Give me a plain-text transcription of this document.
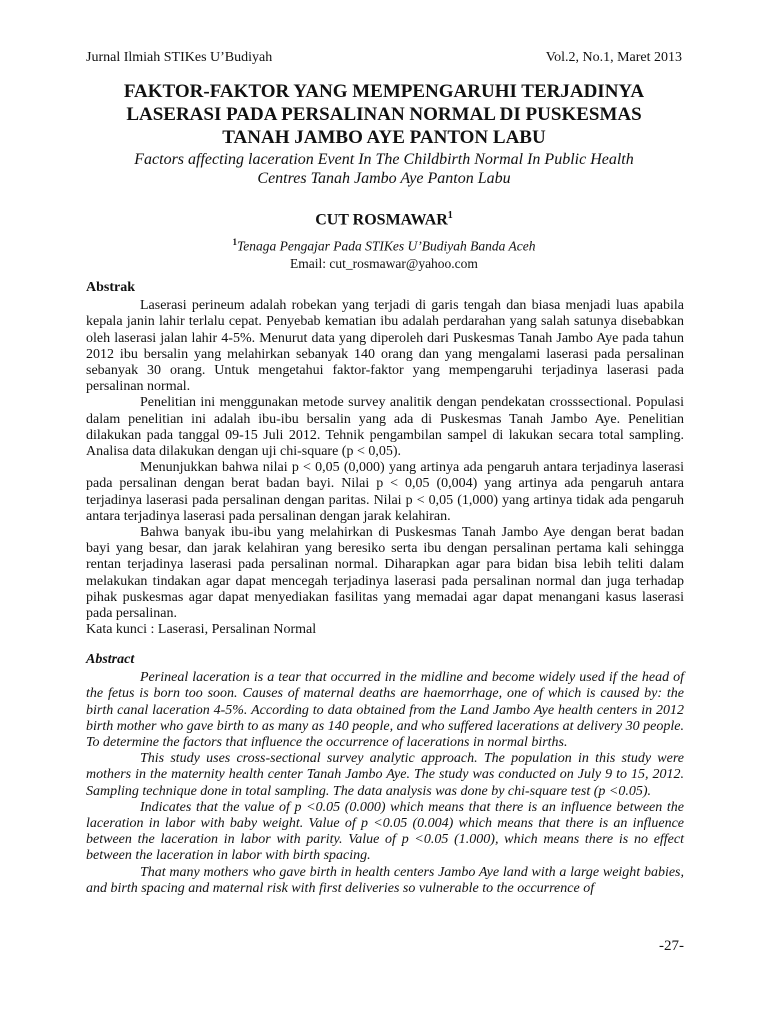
Jurnal Ilmiah STIKes U’Budiyah	Vol.2, No.1, Maret 2013
FAKTOR-FAKTOR YANG MEMPENGARUHI TERJADINYA
LASERASI PADA PERSALINAN NORMAL DI PUSKESMAS
TANAH JAMBO AYE PANTON LABU

Factors affecting laceration Event In The Childbirth Normal In Public Health
Centres Tanah Jambo Aye Panton Labu

CUT ROSMAWAR$^1$
$^1$Tenaga Pengajar Pada STIKes U’Budiyah Banda Aceh
Email: cut_rosmawar@yahoo.com

Abstrak

Laserasi perineum adalah robekan yang terjadi di garis tengah dan biasa menjadi luas apabila kepala janin lahir terlalu cepat. Penyebab kematian ibu adalah perdarahan yang salah satunya disebabkan oleh laserasi jalan lahir 4-5%. Menurut data yang diperoleh dari Puskesmas Tanah Jambo Aye pada tahun 2012 ibu bersalin yang melahirkan sebanyak 140 orang dan yang mengalami laserasi pada persalinan sebanyak 30 orang. Untuk mengetahui faktor-faktor yang mempengaruhi terjadinya laserasi pada persalinan normal.

Penelitian ini menggunakan metode survey analitik dengan pendekatan crosssectional. Populasi dalam penelitian ini adalah ibu-ibu bersalin yang ada di Puskesmas Tanah Jambo Aye. Penelitian dilakukan pada tanggal 09-15 Juli 2012. Tehnik pengambilan sampel di lakukan secara total sampling. Analisa data dilakukan dengan uji chi-square (p < 0,05).

Menunjukkan bahwa nilai p < 0,05 (0,000) yang artinya ada pengaruh antara terjadinya laserasi pada persalinan dengan berat badan bayi. Nilai p < 0,05 (0,004) yang artinya ada pengaruh antara terjadinya laserasi pada persalinan dengan paritas. Nilai p < 0,05 (1,000) yang artinya tidak ada pengaruh antara terjadinya laserasi pada persalinan dengan jarak kelahiran.

Bahwa banyak ibu-ibu yang melahirkan di Puskesmas Tanah Jambo Aye dengan berat badan bayi yang besar, dan jarak kelahiran yang beresiko serta ibu dengan persalinan pertama kali sehingga rentan terjadinya laserasi pada persalinan normal. Diharapkan agar para bidan bisa lebih teliti dalam melakukan tindakan agar dapat mencegah terjadinya laserasi pada persalinan normal dan juga terhadap pihak puskesmas agar dapat menyediakan fasilitas yang memadai agar dapat menangani kasus laserasi pada persalinan.

Kata kunci : Laserasi, Persalinan Normal

Abstract

Perineal laceration is a tear that occurred in the midline and become widely used if the head of the fetus is born too soon. Causes of maternal deaths are haemorrhage, one of which is caused by: the birth canal laceration 4-5%. According to data obtained from the Land Jambo Aye health centers in 2012 birth mother who gave birth to as many as 140 people, and who suffered lacerations at delivery 30 people. To determine the factors that influence the occurrence of lacerations in normal births.

This study uses cross-sectional survey analytic approach. The population in this study were mothers in the maternity health center Tanah Jambo Aye. The study was conducted on July 9 to 15, 2012. Sampling technique done in total sampling. The data analysis was done by chi-square test (p <0.05).

Indicates that the value of p <0.05 (0.000) which means that there is an influence between the laceration in labor with baby weight. Value of p <0.05 (0.004) which means that there is an influence between the laceration in labor with parity. Value of p <0.05 (1.000), which means there is no effect between the laceration in labor with birth spacing.

That many mothers who gave birth in health centers Jambo Aye land with a large weight babies, and birth spacing and maternal risk with first deliveries so vulnerable to the occurrence of

-27-
